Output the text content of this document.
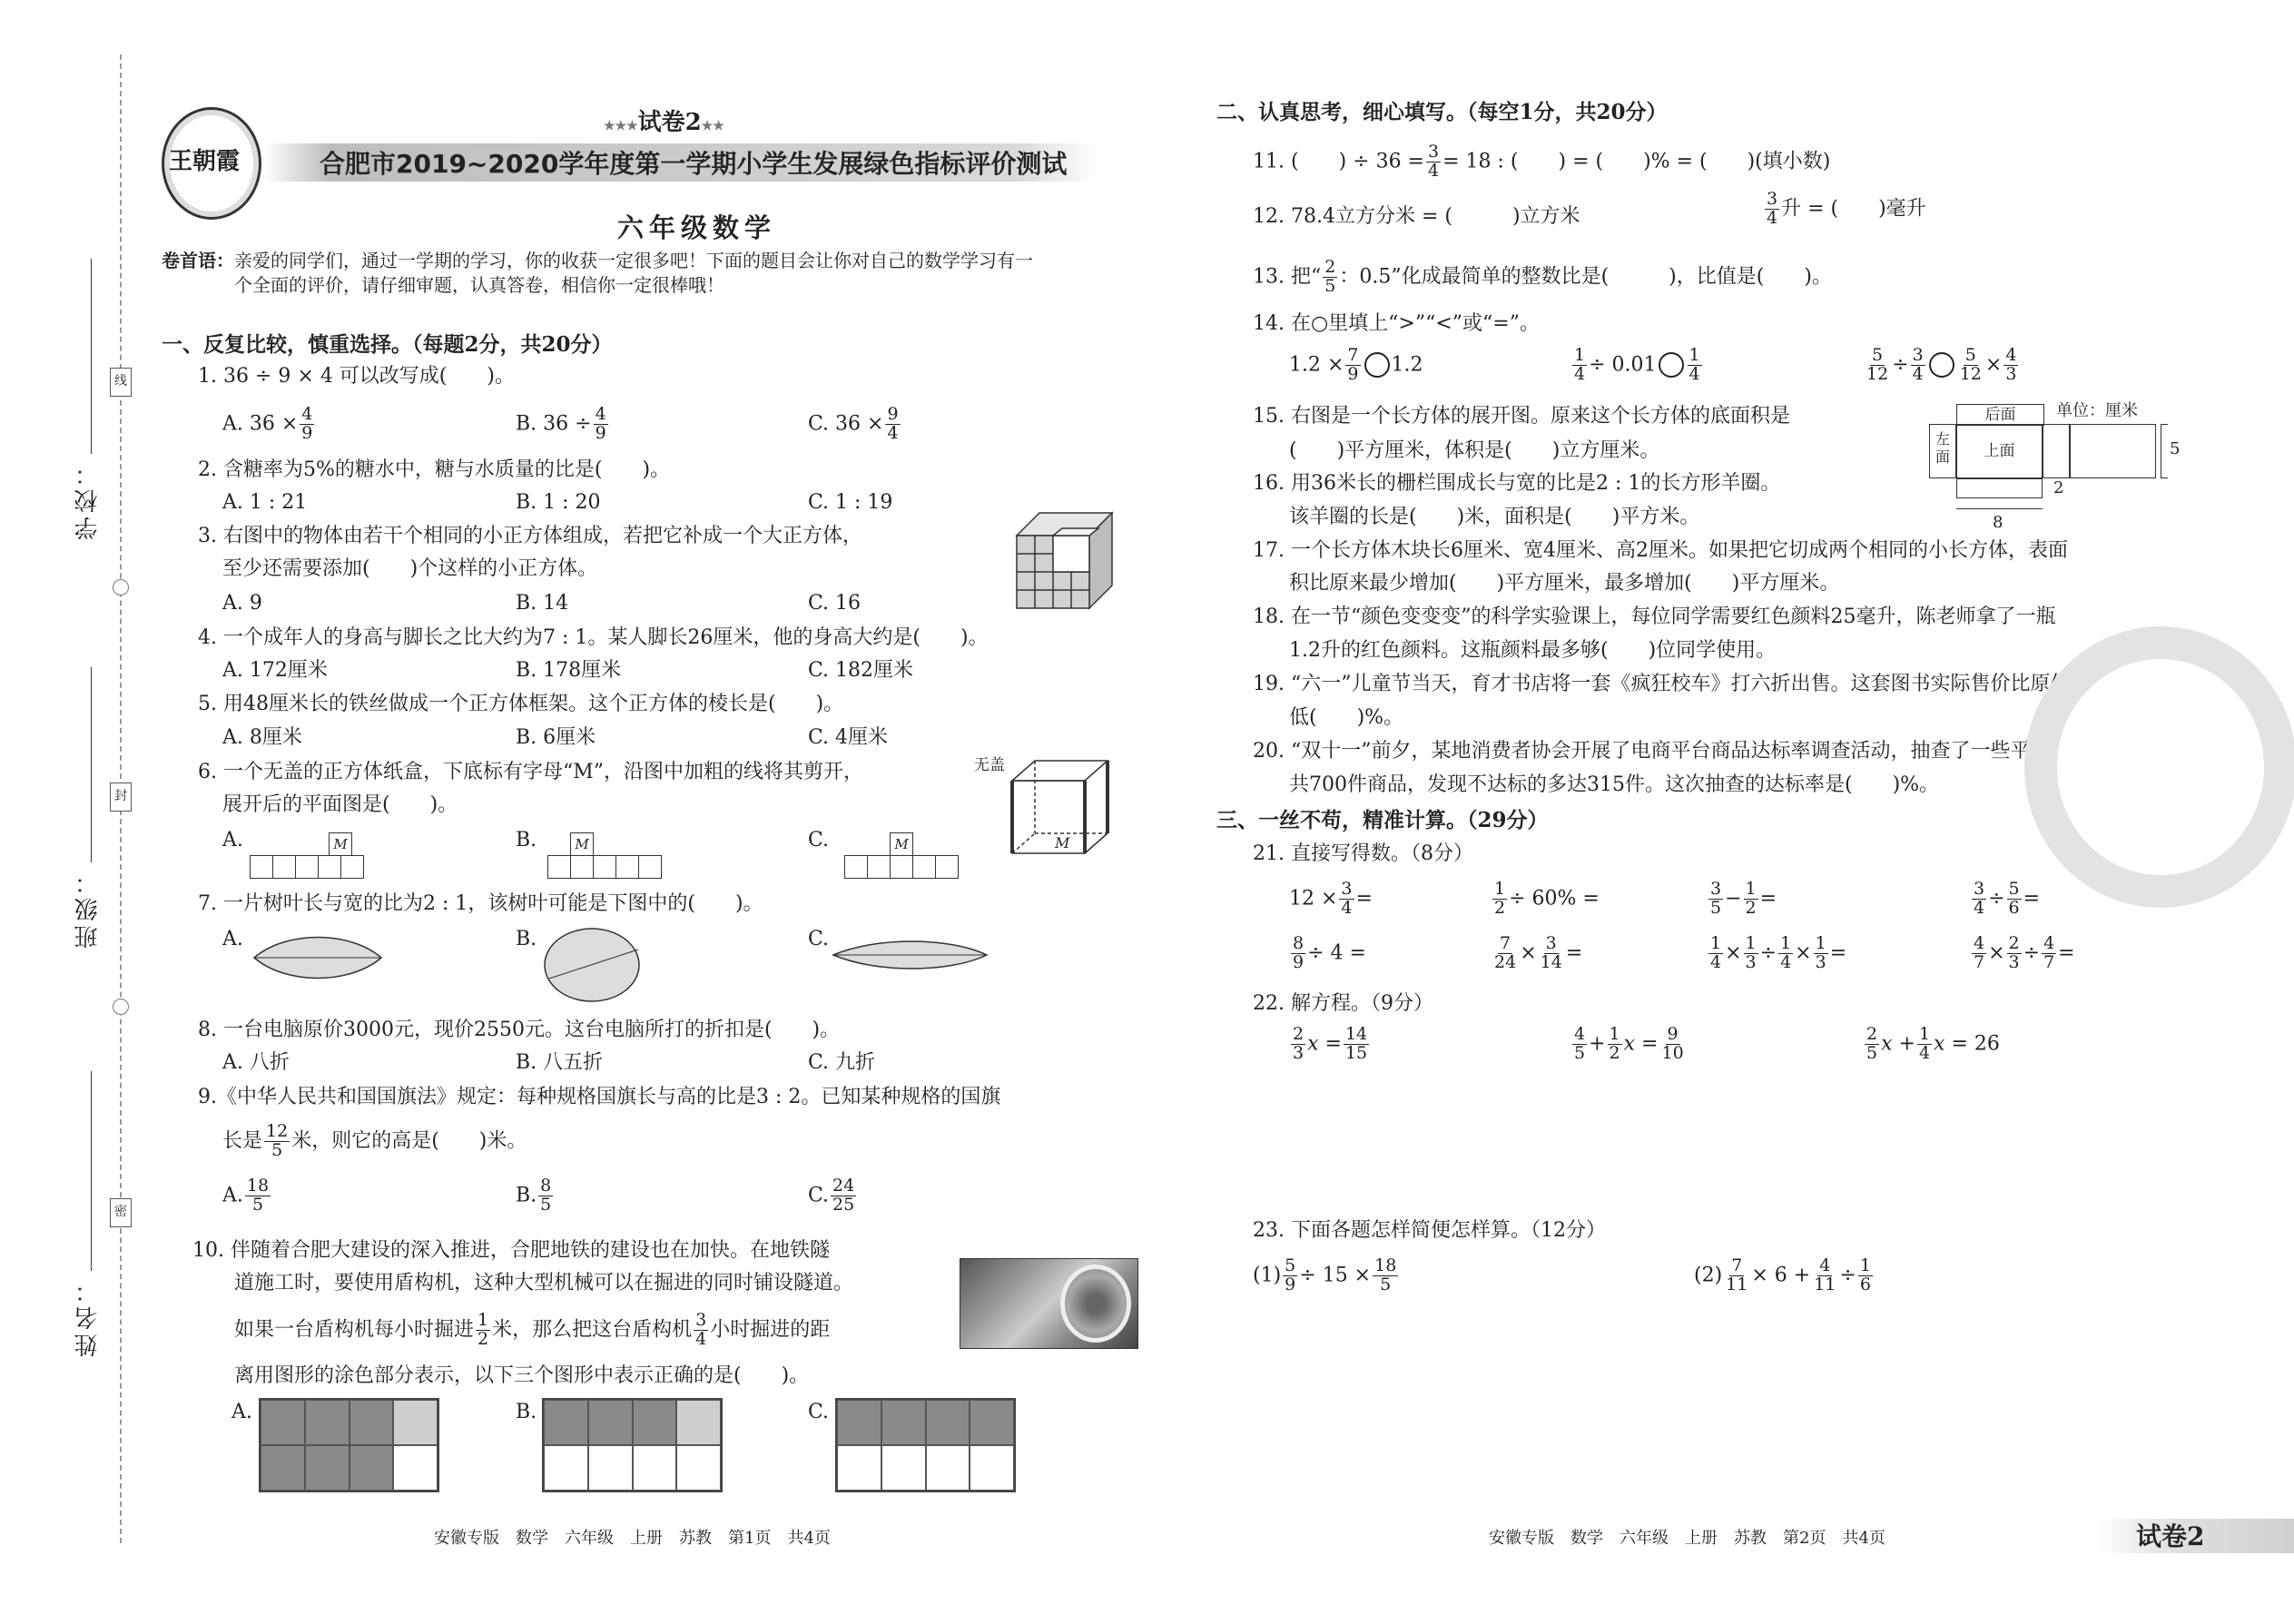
学校：
班级：
姓名：
线
封
密
王朝霞
★★★试卷2★★
合肥市2019~2020学年度第一学期小学生发展绿色指标评价测试
六年级数学
卷首语：亲爱的同学们，通过一学期的学习，你的收获一定很多吧！下面的题目会让你对自己的数学学习有一
个全面的评价，请仔细审题，认真答卷，相信你一定很棒哦！
一、反复比较，慎重选择。（每题2分，共20分）
1. 36 ÷ 9 × 4 可以改写成(　　)。
A. $36 \times \frac{4}{9}$	B. $36 \div \frac{4}{9}$	C. $36 \times \frac{9}{4}$
2. 含糖率为5%的糖水中，糖与水质量的比是(　　)。
A. 1 : 21	B. 1 : 20	C. 1 : 19
3. 右图中的物体由若干个相同的小正方体组成，若把它补成一个大正方体，
至少还需要添加(　　)个这样的小正方体。
A. 9	B. 14	C. 16
4. 一个成年人的身高与脚长之比大约为7 : 1。某人脚长26厘米，他的身高大约是(　　)。
A. 172厘米	B. 178厘米	C. 182厘米
5. 用48厘米长的铁丝做成一个正方体框架。这个正方体的棱长是(　　)。
A. 8厘米	B. 6厘米	C. 4厘米
6. 一个无盖的正方体纸盒，下底标有字母“M”，沿图中加粗的线将其剪开，
展开后的平面图是(　　)。
无盖
M
A.	B.	C.
M	M	M
7. 一片树叶长与宽的比为2 : 1，该树叶可能是下图中的(　　)。
A.	B.	C.
8. 一台电脑原价3000元，现价2550元。这台电脑所打的折扣是(　　)。
A. 八折	B. 八五折	C. 九折
9.《中华人民共和国国旗法》规定：每种规格国旗长与高的比是3 : 2。已知某种规格的国旗
长是 $\frac{12}{5}$ 米，则它的高是(　　)米。
A. $\frac{18}{5}$	B. $\frac{8}{5}$	C. $\frac{24}{25}$
10. 伴随着合肥大建设的深入推进，合肥地铁的建设也在加快。在地铁隧
道施工时，要使用盾构机，这种大型机械可以在掘进的同时铺设隧道。
如果一台盾构机每小时掘进 $\frac{1}{2}$ 米，那么把这台盾构机 $\frac{3}{4}$ 小时掘进的距
离用图形的涂色部分表示，以下三个图形中表示正确的是(　　)。
A.	B.	C.
安徽专版　数学　六年级　上册　苏教　第1页　共4页
二、认真思考，细心填写。（每空1分，共20分）
11. (　　) ÷ $36 = \frac{3}{4} = 18$ : (　　) = (　　)% = (　　)(填小数)
12. 78.4立方分米 = (　　　)立方米	$\frac{3}{4}$ 升 = (　　)毫升
13. 把“ $\frac{2}{5}$ ：0.5”化成最简单的整数比是(　　　)，比值是(　　)。
14. 在○里填上“>”“<”或“=”。
$1.2 \times \frac{7}{9} 1.2$	$\frac{1}{4} \div 0.01 \frac{1}{4}$	$\frac{5}{12} \div \frac{3}{4} \frac{5}{12} \times \frac{4}{3}$
15. 右图是一个长方体的展开图。原来这个长方体的底面积是
(　　)平方厘米，体积是(　　)立方厘米。
单位：厘米
后面
左面	上面	5
2
8
16. 用36米长的栅栏围成长与宽的比是2 : 1的长方形羊圈。
该羊圈的长是(　　)米，面积是(　　)平方米。
17. 一个长方体木块长6厘米、宽4厘米、高2厘米。如果把它切成两个相同的小长方体，表面
积比原来最少增加(　　)平方厘米，最多增加(　　)平方厘米。
18. 在一节“颜色变变变”的科学实验课上，每位同学需要红色颜料25毫升，陈老师拿了一瓶
1.2升的红色颜料。这瓶颜料最多够(　　)位同学使用。
19. “六一”儿童节当天，育才书店将一套《疯狂校车》打六折出售。这套图书实际售价比原价
低(　　)%。
20. “双十一”前夕，某地消费者协会开展了电商平台商品达标率调查活动，抽查了一些平台
共700件商品，发现不达标的多达315件。这次抽查的达标率是(　　)%。
三、一丝不苟，精准计算。（29分）
21. 直接写得数。（8分）
$12 \times \frac{3}{4}$ =	$\frac{1}{2} \div 60\%$ =	$\frac{3}{5} - \frac{1}{2}$ =	$\frac{3}{4} \div \frac{5}{6}$ =
$\frac{8}{9} \div 4$ =	$\frac{7}{24} \times \frac{3}{14}$ =	$\frac{1}{4} \times \frac{1}{3} \div \frac{1}{4} \times \frac{1}{3}$ =	$\frac{4}{7} \times \frac{2}{3} \div \frac{4}{7}$ =
22. 解方程。（9分）
$\frac{2}{3}$ $x = \frac{14}{15}$	$\frac{4}{5} + \frac{1}{2}$ $x = \frac{9}{10}$	$\frac{2}{5}$ $x + \frac{1}{4}$ x = 26
23. 下面各题怎样简便怎样算。（12分）
$(1) \frac{5}{9} \div 15 \times \frac{18}{5}$	$(2) \frac{7}{11} \times 6 + \frac{4}{11} \div \frac{1}{6}$
安徽专版　数学　六年级　上册　苏教　第2页　共4页	试卷2
